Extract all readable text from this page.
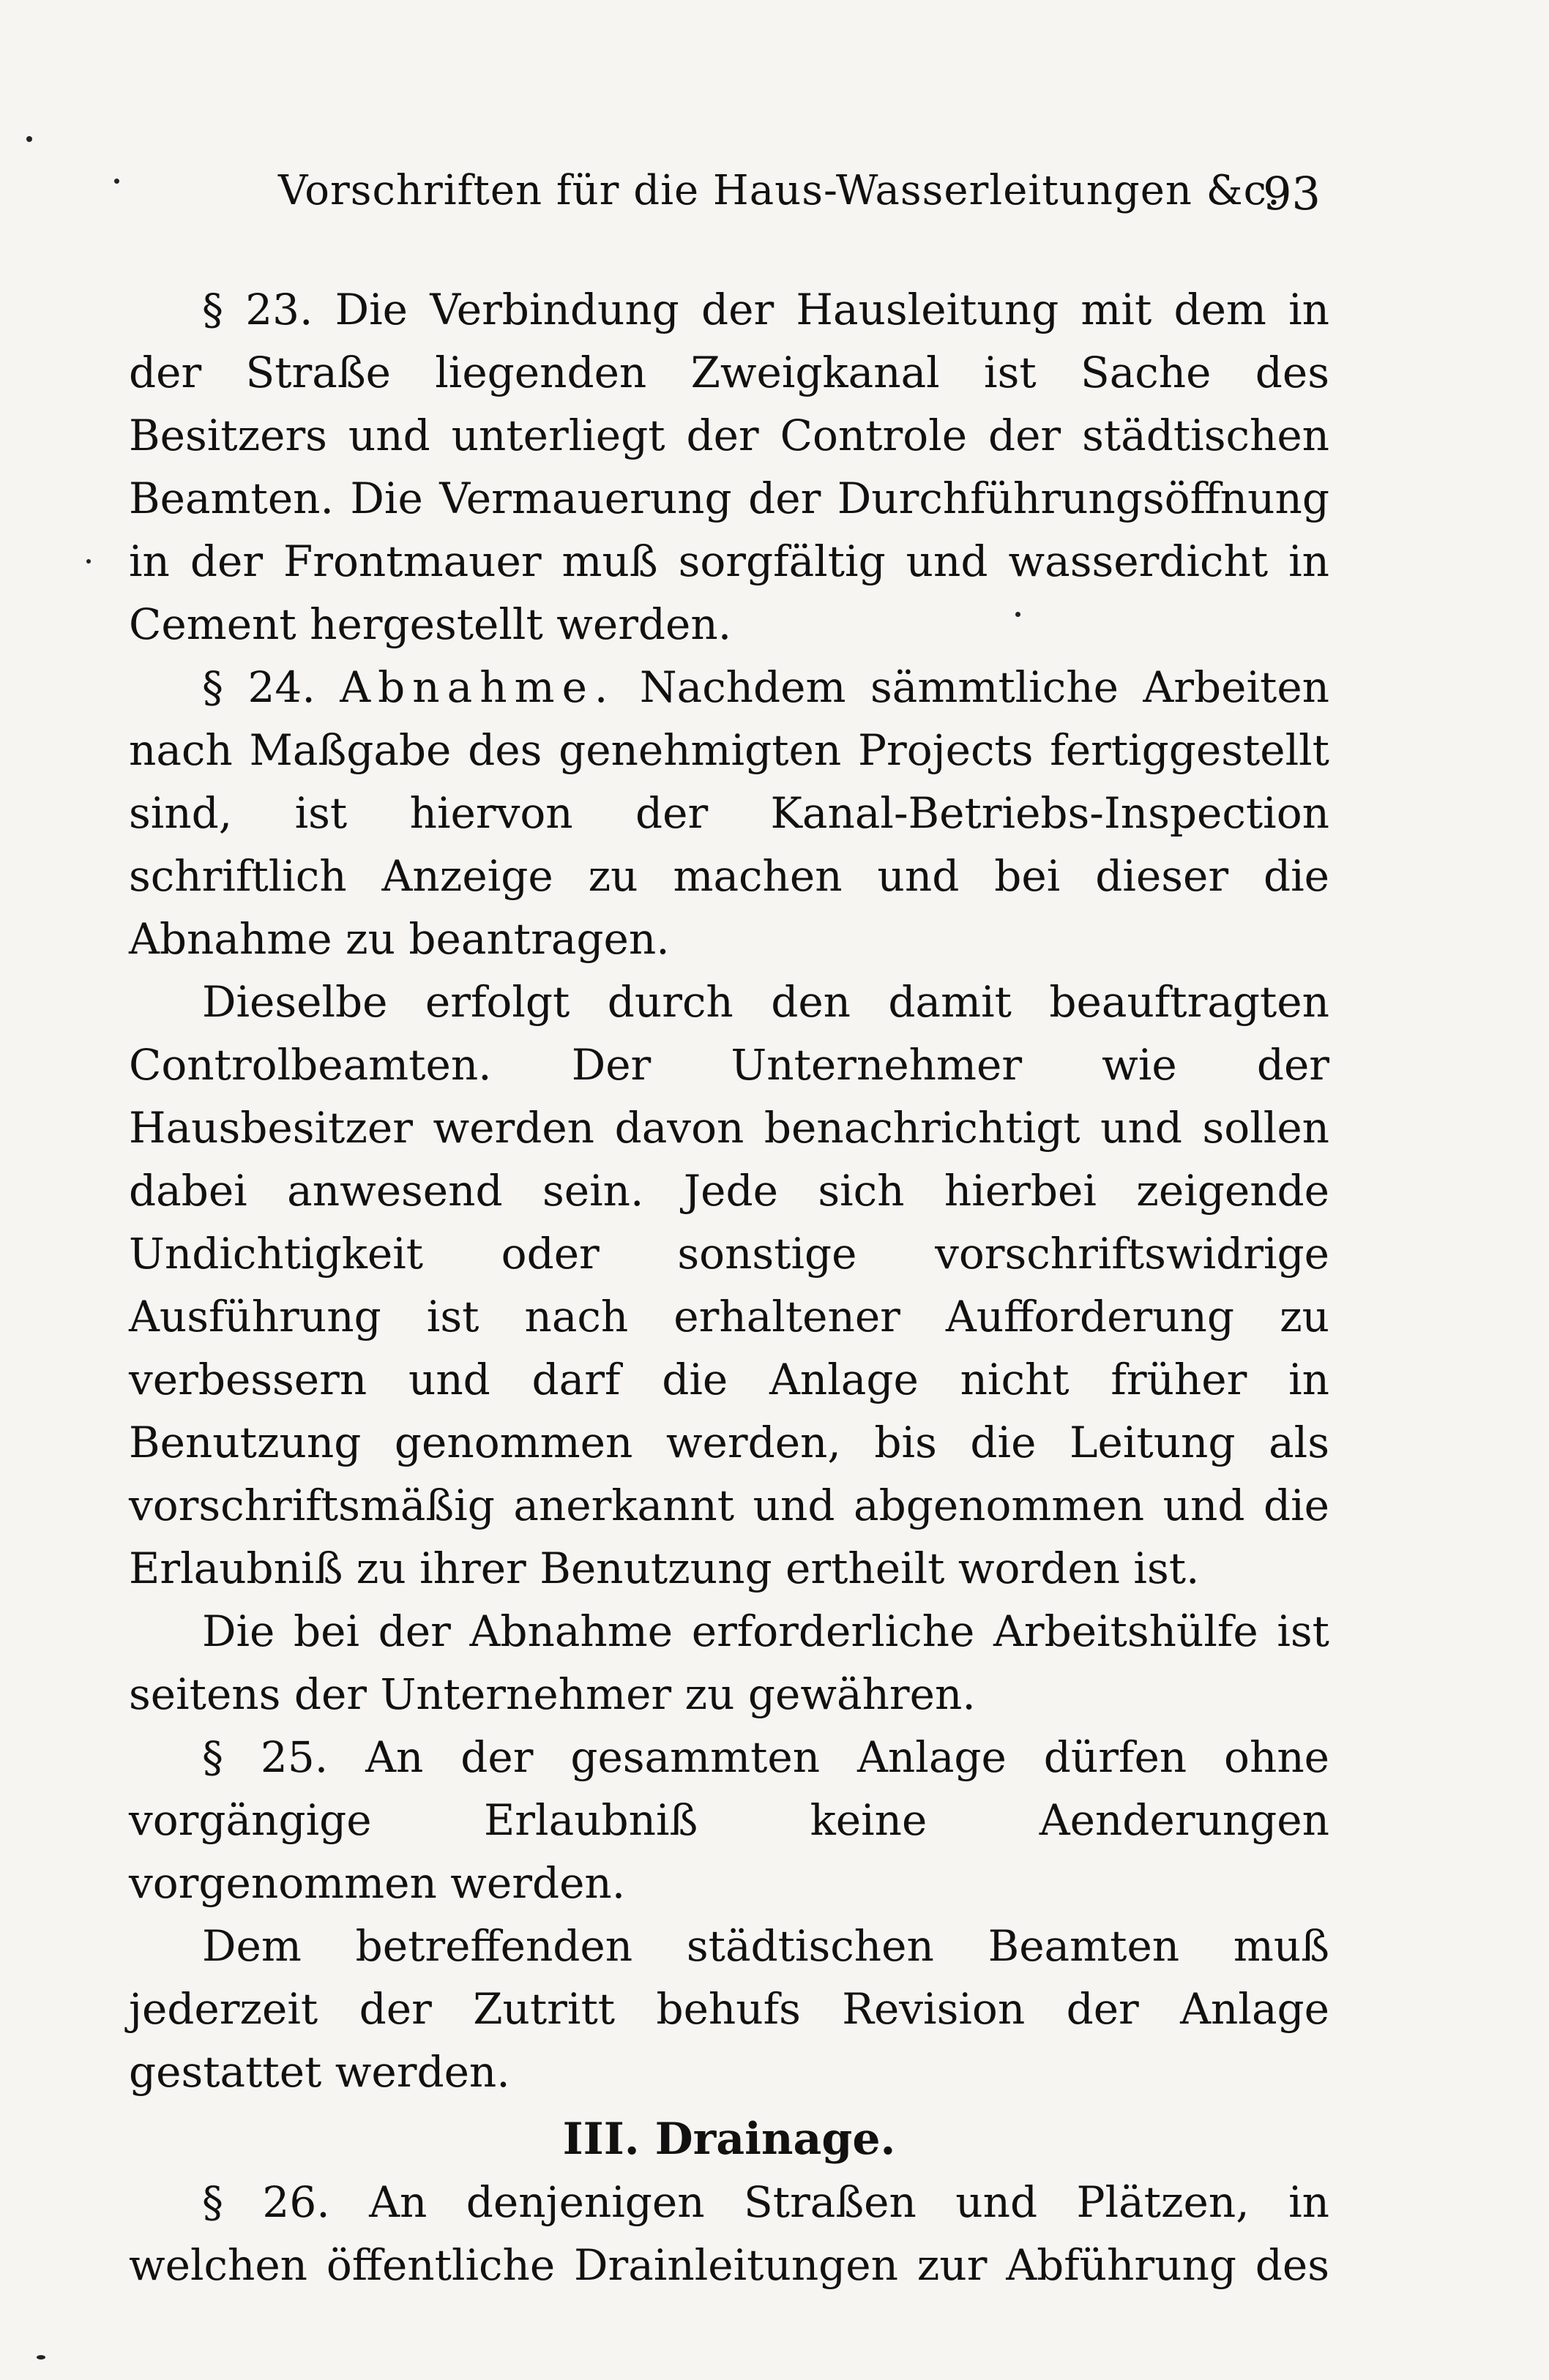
Vorschriften für die Haus-Wasserleitungen &c.
93

§ 23. Die Verbindung der Hausleitung mit dem in der Straße liegenden Zweigkanal ist Sache des Besitzers und unterliegt der Controle der städtischen Beamten. Die Vermauerung der Durchführungsöffnung in der Frontmauer muß sorgfältig und wasserdicht in Cement hergestellt werden.

§ 24. Abnahme. Nachdem sämmtliche Arbeiten nach Maßgabe des genehmigten Projects fertiggestellt sind, ist hiervon der Kanal-Betriebs-Inspection schriftlich Anzeige zu machen und bei dieser die Abnahme zu beantragen.

Dieselbe erfolgt durch den damit beauftragten Controlbeamten. Der Unternehmer wie der Hausbesitzer werden davon benachrichtigt und sollen dabei anwesend sein. Jede sich hierbei zeigende Undichtigkeit oder sonstige vorschriftswidrige Ausführung ist nach erhaltener Aufforderung zu verbessern und darf die Anlage nicht früher in Benutzung genommen werden, bis die Leitung als vorschriftsmäßig anerkannt und abgenommen und die Erlaubniß zu ihrer Benutzung ertheilt worden ist.

Die bei der Abnahme erforderliche Arbeitshülfe ist seitens der Unternehmer zu gewähren.

§ 25. An der gesammten Anlage dürfen ohne vorgängige Erlaubniß keine Aenderungen vorgenommen werden.

Dem betreffenden städtischen Beamten muß jederzeit der Zutritt behufs Revision der Anlage gestattet werden.

III. Drainage.

§ 26. An denjenigen Straßen und Plätzen, in welchen öffentliche Drainleitungen zur Abführung des
